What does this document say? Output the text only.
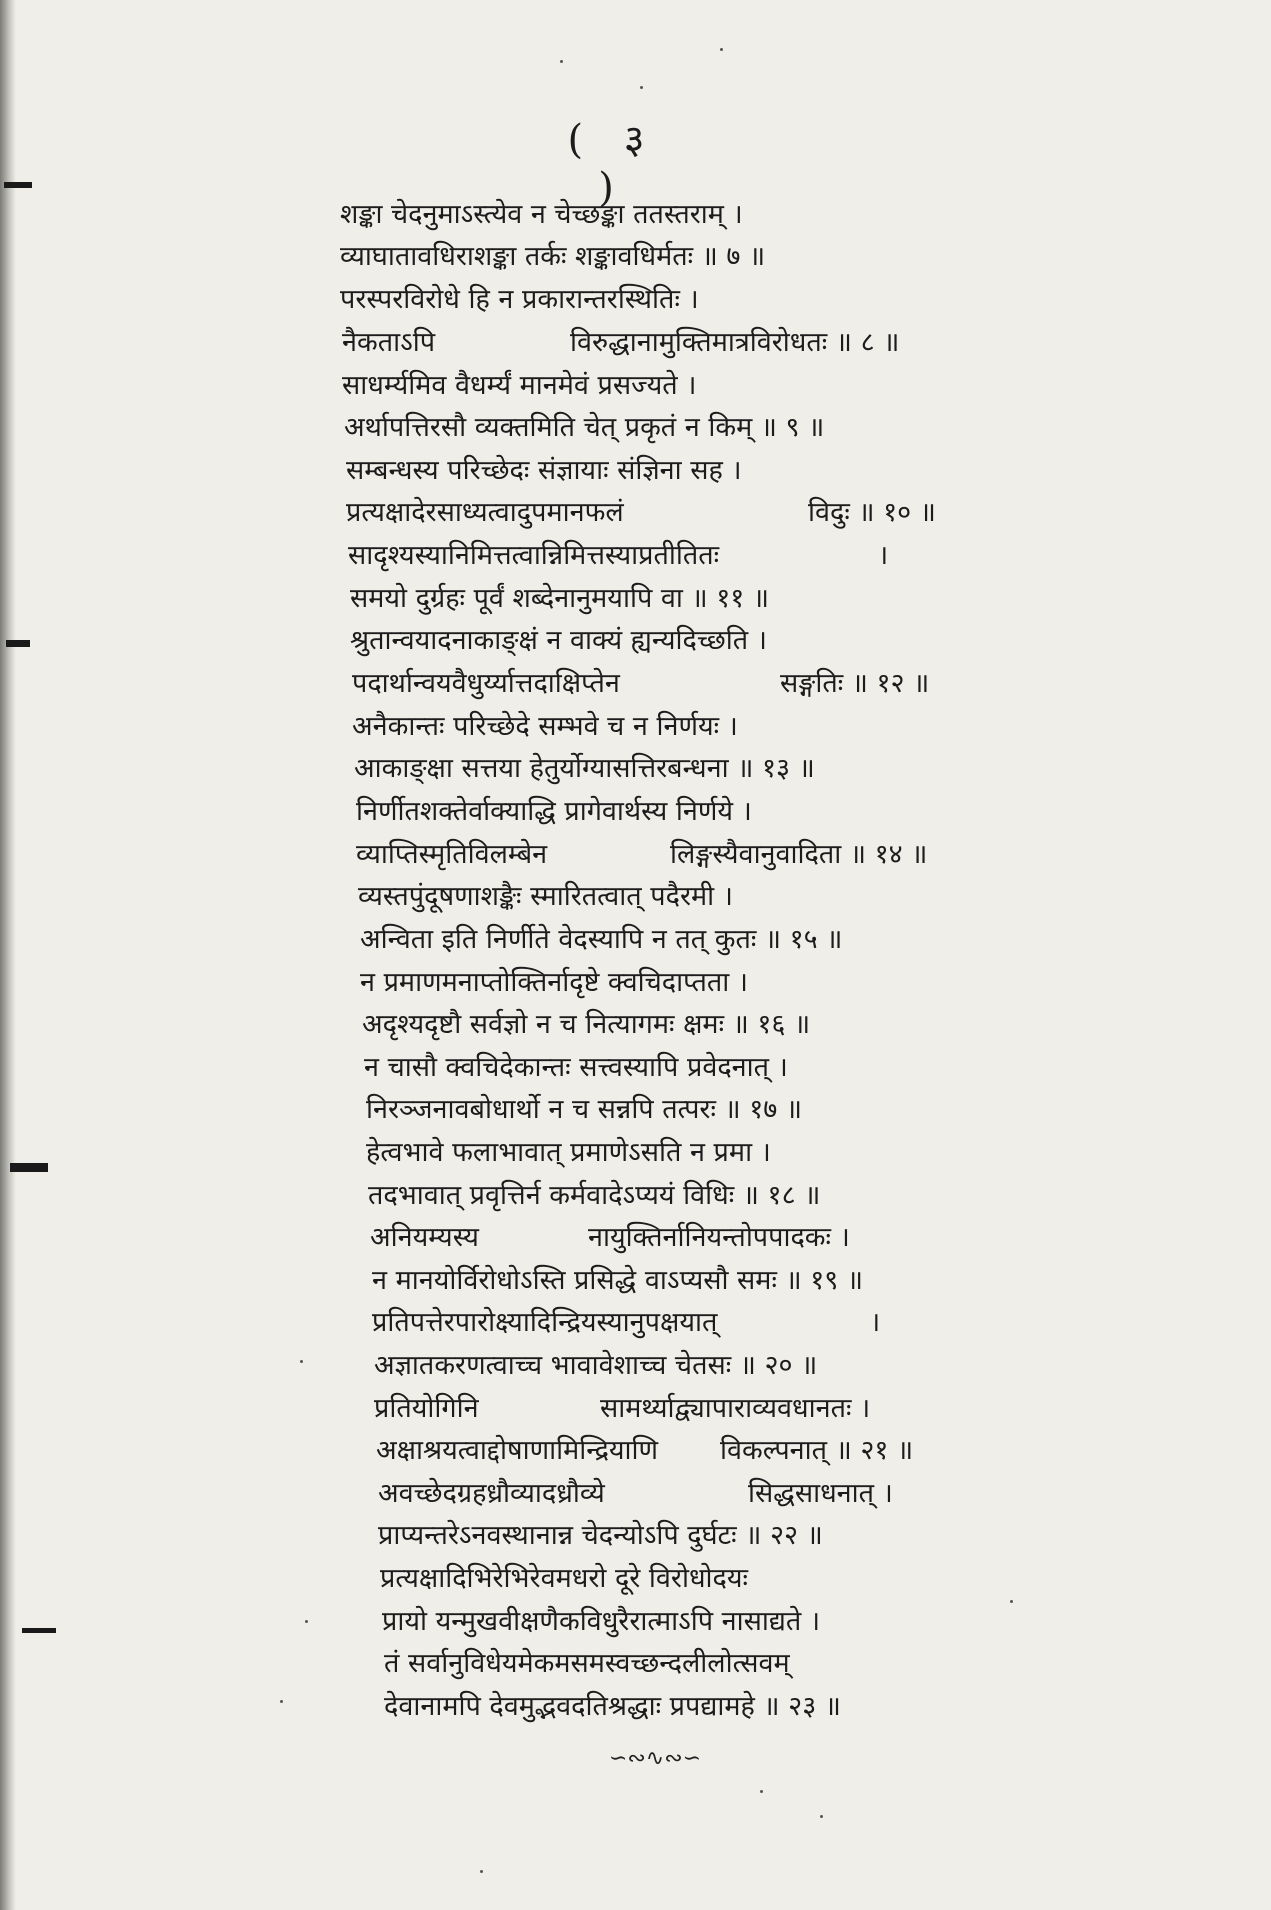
( ३ )
शङ्का चेदनुमाऽस्त्येव न चेच्छङ्का ततस्तराम् ।
व्याघातावधिराशङ्का तर्कः शङ्कावधिर्मतः ॥ ७ ॥
परस्परविरोधे हि न प्रकारान्तरस्थितिः ।
नैकताऽपि	विरुद्धानामुक्तिमात्रविरोधतः ॥ ८ ॥
साधर्म्यमिव वैधर्म्यं मानमेवं प्रसज्यते ।
अर्थापत्तिरसौ व्यक्तमिति चेत् प्रकृतं न किम् ॥ ९ ॥
सम्बन्धस्य परिच्छेदः संज्ञायाः संज्ञिना सह ।
प्रत्यक्षादेरसाध्यत्वादुपमानफलं	विदुः ॥ १० ॥
सादृश्यस्यानिमित्तत्वान्निमित्तस्याप्रतीतितः	।
समयो दुर्ग्रहः पूर्वं शब्देनानुमयापि वा ॥ ११ ॥
श्रुतान्वयादनाकाङ्क्षं न वाक्यं ह्यन्यदिच्छति ।
पदार्थान्वयवैधुर्य्यात्तदाक्षिप्तेन	सङ्गतिः ॥ १२ ॥
अनैकान्तः परिच्छेदे सम्भवे च न निर्णयः ।
आकाङ्क्षा सत्तया हेतुर्योग्यासत्तिरबन्धना ॥ १३ ॥
निर्णीतशक्तेर्वाक्याद्धि प्रागेवार्थस्य निर्णये ।
व्याप्तिस्मृतिविलम्बेन	लिङ्गस्यैवानुवादिता ॥ १४ ॥
व्यस्तपुंदूषणाशङ्कैः स्मारितत्वात् पदैरमी ।
अन्विता इति निर्णीते वेदस्यापि न तत् कुतः ॥ १५ ॥
न प्रमाणमनाप्तोक्तिर्नादृष्टे क्वचिदाप्तता ।
अदृश्यदृष्टौ सर्वज्ञो न च नित्यागमः क्षमः ॥ १६ ॥
न चासौ क्वचिदेकान्तः सत्त्वस्यापि प्रवेदनात् ।
निरञ्जनावबोधार्थो न च सन्नपि तत्परः ॥ १७ ॥
हेत्वभावे फलाभावात् प्रमाणेऽसति न प्रमा ।
तदभावात् प्रवृत्तिर्न कर्मवादेऽप्ययं विधिः ॥ १८ ॥
अनियम्यस्य	नायुक्तिर्नानियन्तोपपादकः ।
न मानयोर्विरोधोऽस्ति प्रसिद्धे वाऽप्यसौ समः ॥ १९ ॥
प्रतिपत्तेरपारोक्ष्यादिन्द्रियस्यानुपक्षयात्	।
अज्ञातकरणत्वाच्च भावावेशाच्च चेतसः ॥ २० ॥
प्रतियोगिनि	सामर्थ्याद्व्यापाराव्यवधानतः ।
अक्षाश्रयत्वाद्दोषाणामिन्द्रियाणि विकल्पनात् ॥ २१ ॥
अवच्छेदग्रहध्रौव्यादध्रौव्ये	सिद्धसाधनात् ।
प्राप्यन्तरेऽनवस्थानान्न चेदन्योऽपि दुर्घटः ॥ २२ ॥
प्रत्यक्षादिभिरेभिरेवमधरो दूरे विरोधोदयः
प्रायो यन्मुखवीक्षणैकविधुरैरात्माऽपि नासाद्यते ।
तं सर्वानुविधेयमेकमसमस्वच्छन्दलीलोत्सवम्
देवानामपि देवमुद्भवदतिश्रद्धाः प्रपद्यामहे ॥ २३ ॥
∽∾∿∾∽
